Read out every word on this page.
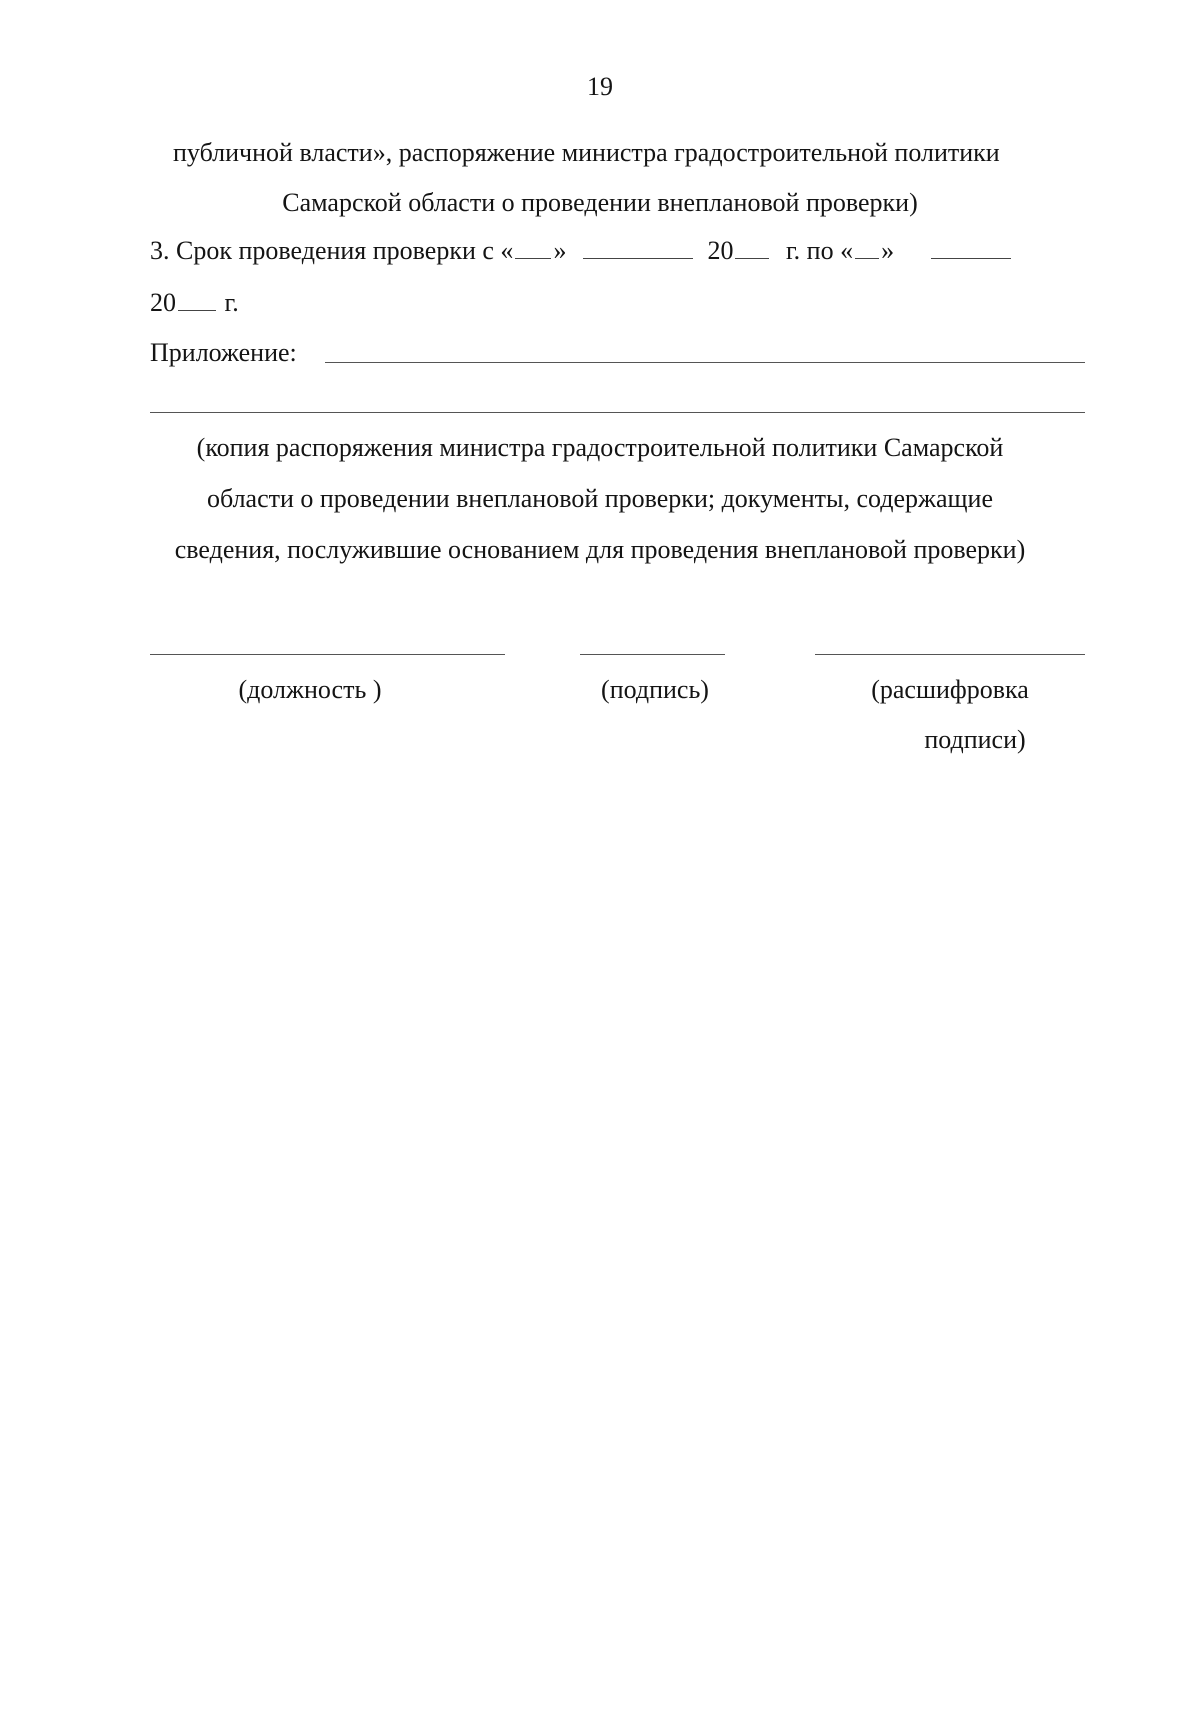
19
публичной власти», распоряжение министра градостроительной политики
Самарской области о проведении внеплановой проверки)
3. Срок проведения проверки с « »	20 г. по « »
20 г.
Приложение:
(копия распоряжения министра градостроительной политики Самарской
области о проведении внеплановой проверки; документы, содержащие
сведения, послужившие основанием для проведения внеплановой проверки)
(должность )	(подпись)	(расшифровка
подписи)
